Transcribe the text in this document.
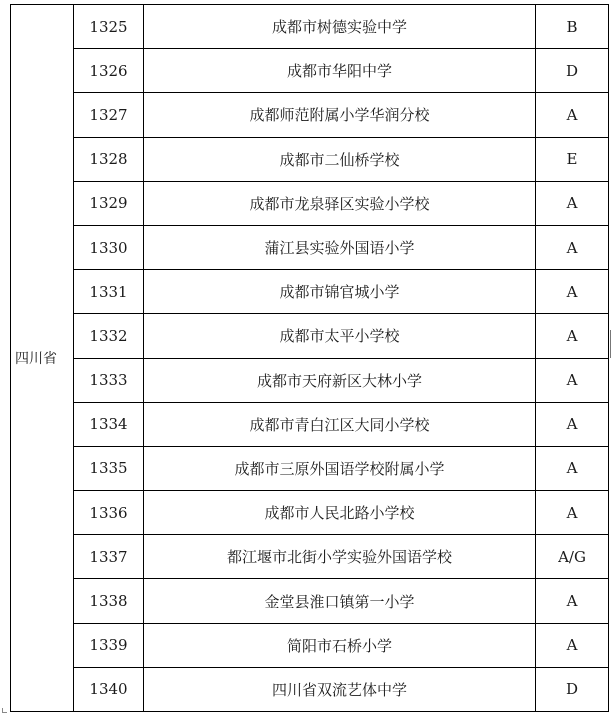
四川省	1325	成都市树德实验中学	B
	1326	成都市华阳中学	D
	1327	成都师范附属小学华润分校	A
	1328	成都市二仙桥学校	E
	1329	成都市龙泉驿区实验小学校	A
	1330	蒲江县实验外国语小学	A
	1331	成都市锦官城小学	A
	1332	成都市太平小学校	A
	1333	成都市天府新区大林小学	A
	1334	成都市青白江区大同小学校	A
	1335	成都市三原外国语学校附属小学	A
	1336	成都市人民北路小学校	A
	1337	都江堰市北街小学实验外国语学校	A/G
	1338	金堂县淮口镇第一小学	A
	1339	简阳市石桥小学	A
	1340	四川省双流艺体中学	D
